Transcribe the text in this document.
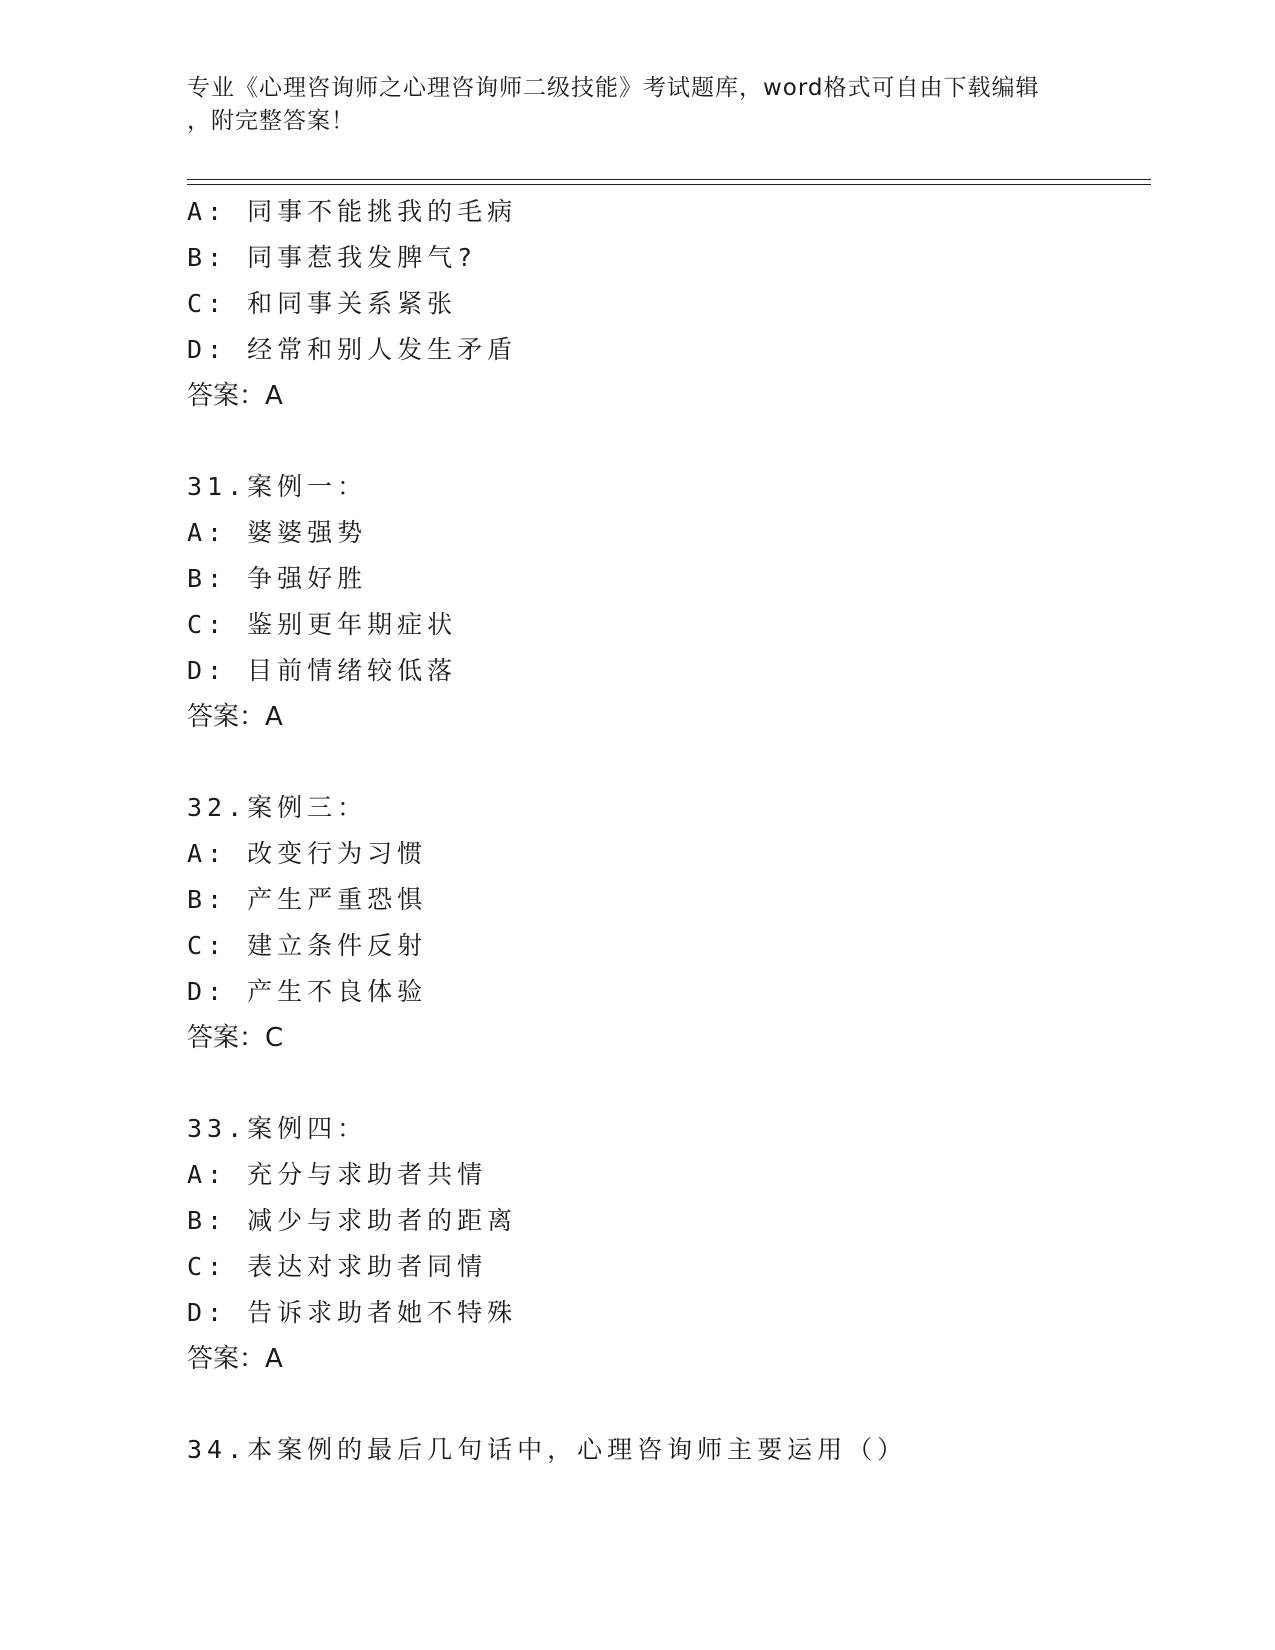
专业《心理咨询师之心理咨询师二级技能》考试题库，word格式可自由下载编辑
，附完整答案！
A: 同事不能挑我的毛病
B: 同事惹我发脾气?
C: 和同事关系紧张
D: 经常和别人发生矛盾
答案：A
31.案例一：
A: 婆婆强势
B: 争强好胜
C: 鉴别更年期症状
D: 目前情绪较低落
答案：A
32.案例三：
A: 改变行为习惯
B: 产生严重恐惧
C: 建立条件反射
D: 产生不良体验
答案：C
33.案例四：
A: 充分与求助者共情
B: 减少与求助者的距离
C: 表达对求助者同情
D: 告诉求助者她不特殊
答案：A
34.本案例的最后几句话中，心理咨询师主要运用（）
